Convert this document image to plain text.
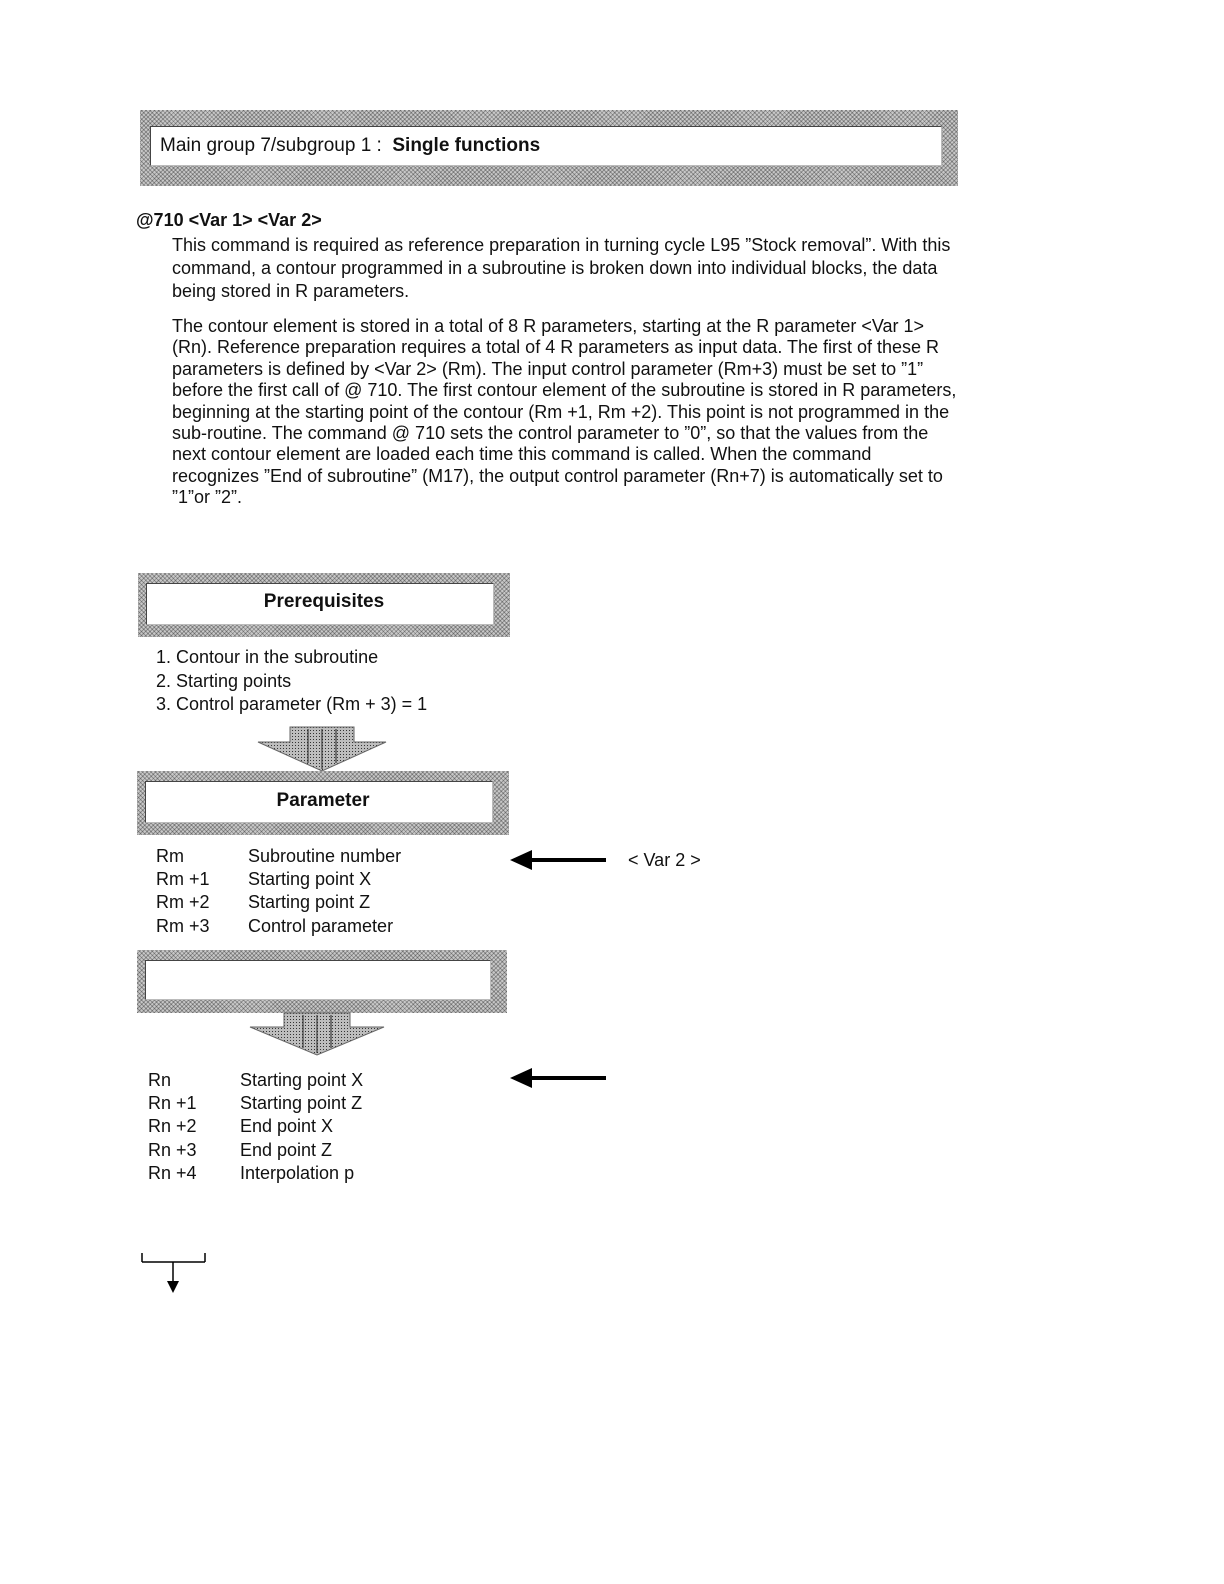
Main group 7/subgroup 1 : Single functions
@710 <Var 1> <Var 2>
This command is required as reference preparation in turning cycle L95 ”Stock removal”. With this command, a contour programmed in a subroutine is broken down into individual blocks, the data being stored in R parameters.
The contour element is stored in a total of 8 R parameters, starting at the R parameter <Var 1> (Rn). Reference preparation requires a total of 4 R parameters as input data. The first of these R parameters is defined by <Var 2> (Rm). The input control parameter (Rm+3) must be set to ”1” before the first call of @ 710. The first contour element of the subroutine is stored in R parameters, beginning at the starting point of the contour (Rm +1, Rm +2). This point is not programmed in the sub-routine. The command @ 710 sets the control parameter to ”0”, so that the values from the next contour element are loaded each time this command is called. When the command recognizes ”End of subroutine” (M17), the output control parameter (Rn+7) is automatically set to ”1”or ”2”.
Prerequisites
1. Contour in the subroutine
2. Starting points
3. Control parameter (Rm + 3) = 1
Parameter
Rm	Subroutine number
Rm +1 Starting point X
Rm +2 Starting point Z
Rm +3 Control parameter
< Var 2 >
Rn	Starting point X
Rn +1 Starting point Z
Rn +2 End point X
Rn +3 End point Z
Rn +4 Interpolation p
